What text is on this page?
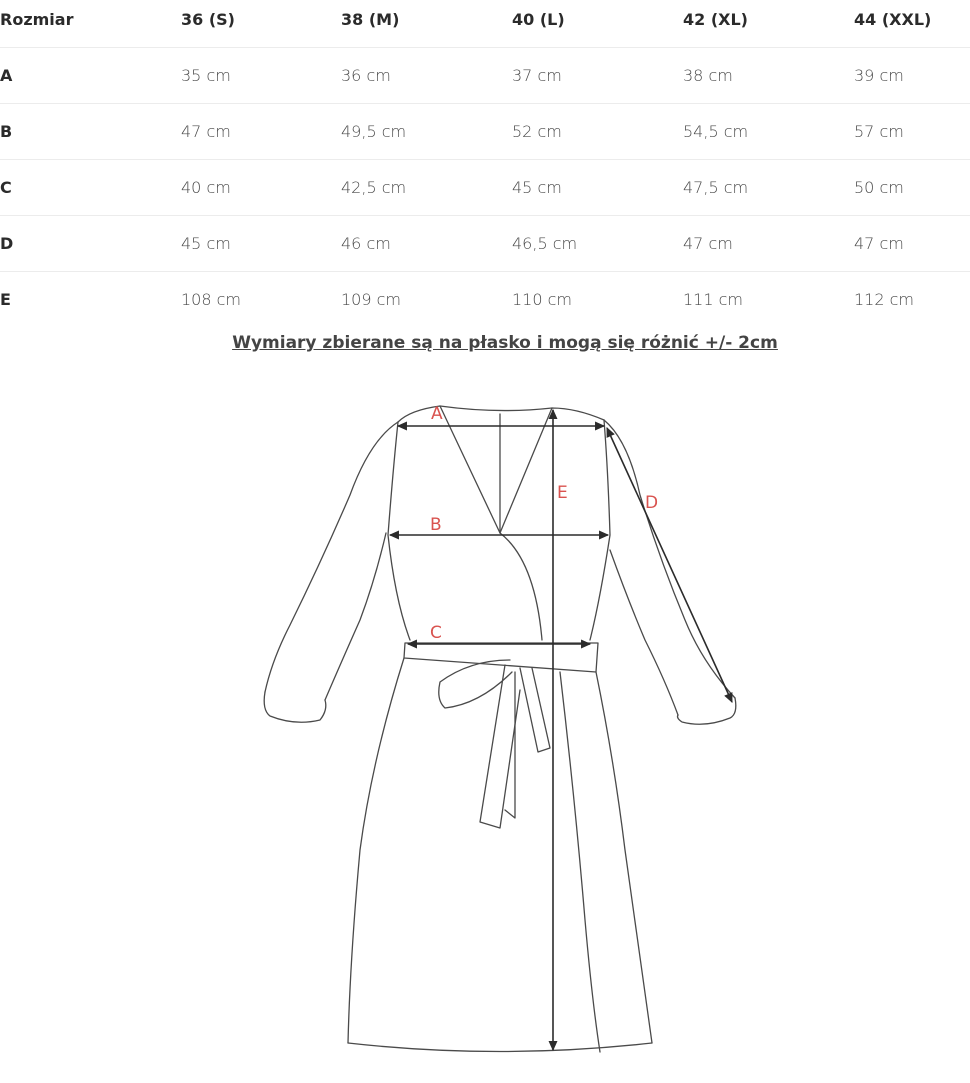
Rozmiar	36 (S)	38 (M)	40 (L)	42 (XL)	44 (XXL)
A	35 cm	36 cm	37 cm	38 cm	39 cm
B	47 cm	49,5 cm	52 cm	54,5 cm	57 cm
C	40 cm	42,5 cm	45 cm	47,5 cm	50 cm
D	45 cm	46 cm	46,5 cm	47 cm	47 cm
E	108 cm	109 cm	110 cm	111 cm	112 cm
Wymiary zbierane są na płasko i mogą się różnić +/- 2cm
A
B
C
D
E
